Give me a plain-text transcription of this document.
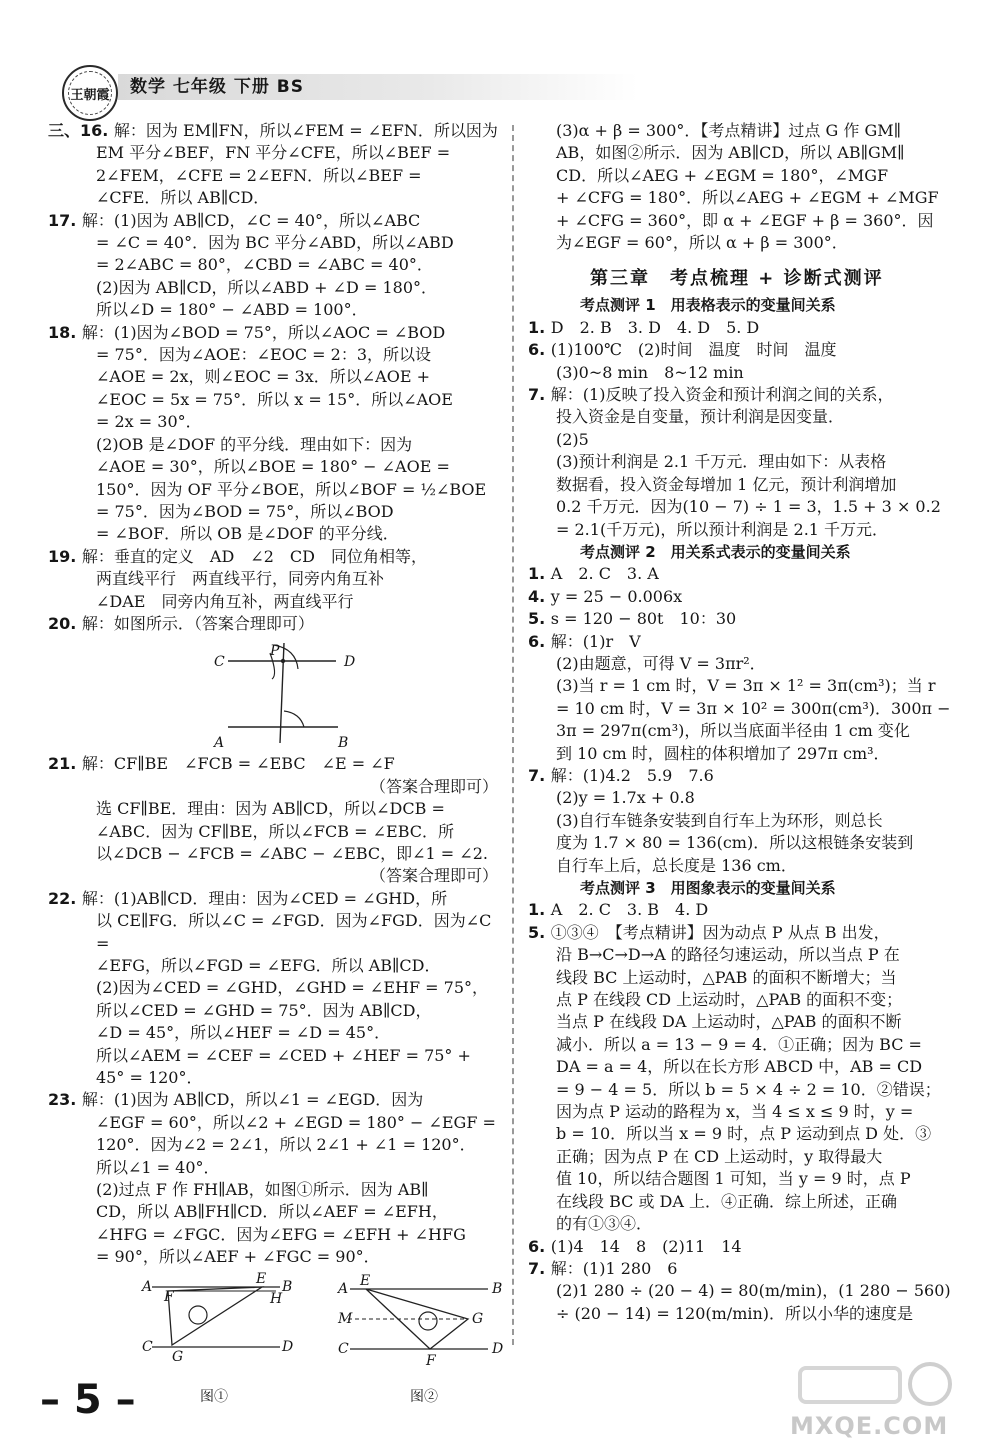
王朝霞 数学 七年级 下册 BS

三、16. 解：因为 EM∥FN，所以∠FEM = ∠EFN．所以因为

EM 平分∠BEF，FN 平分∠CFE，所以∠BEF =

2∠FEM，∠CFE = 2∠EFN．所以∠BEF =

∠CFE．所以 AB∥CD．

17. 解：(1)因为 AB∥CD，∠C = 40°，所以∠ABC

= ∠C = 40°．因为 BC 平分∠ABD，所以∠ABD

= 2∠ABC = 80°，∠CBD = ∠ABC = 40°．

(2)因为 AB∥CD，所以∠ABD + ∠D = 180°．

所以∠D = 180° − ∠ABD = 100°．

18. 解：(1)因为∠BOD = 75°，所以∠AOC = ∠BOD

= 75°．因为∠AOE：∠EOC = 2：3，所以设

∠AOE = 2x，则∠EOC = 3x．所以∠AOE +

∠EOC = 5x = 75°．所以 x = 15°．所以∠AOE

= 2x = 30°．

(2)OB 是∠DOF 的平分线．理由如下：因为

∠AOE = 30°，所以∠BOE = 180° − ∠AOE =

150°．因为 OF 平分∠BOE，所以∠BOF = ½∠BOE

= 75°．因为∠BOD = 75°，所以∠BOD

= ∠BOF．所以 OB 是∠DOF 的平分线．

19. 解：垂直的定义　AD　∠2　CD　同位角相等，

两直线平行　两直线平行，同旁内角互补

∠DAE　同旁内角互补，两直线平行

20. 解：如图所示．（答案合理即可）

P
C	D
A	B

21. 解：CF∥BE　∠FCB = ∠EBC　∠E = ∠F

（答案合理即可）

选 CF∥BE．理由：因为 AB∥CD，所以∠DCB =

∠ABC．因为 CF∥BE，所以∠FCB = ∠EBC．所

以∠DCB − ∠FCB = ∠ABC − ∠EBC，即∠1 = ∠2.

（答案合理即可）

22. 解：(1)AB∥CD．理由：因为∠CED = ∠GHD，所

以 CE∥FG．所以∠C = ∠FGD．因为∠FGD．因为∠C =

∠EFG，所以∠FGD = ∠EFG．所以 AB∥CD．

(2)因为∠CED = ∠GHD，∠GHD = ∠EHF = 75°，

所以∠CED = ∠GHD = 75°．因为 AB∥CD，

∠D = 45°，所以∠HEF = ∠D = 45°．

所以∠AEM = ∠CEF = ∠CED + ∠HEF = 75° +

45° = 120°．

23. 解：(1)因为 AB∥CD，所以∠1 = ∠EGD．因为

∠EGF = 60°，所以∠2 + ∠EGD = 180° − ∠EGF =

120°．因为∠2 = 2∠1，所以 2∠1 + ∠1 = 120°．

所以∠1 = 40°．

(2)过点 F 作 FH∥AB，如图①所示．因为 AB∥

CD，所以 AB∥FH∥CD．所以∠AEF = ∠EFH，

∠HFG = ∠FGC．因为∠EFG = ∠EFH + ∠HFG

= 90°，所以∠AEF + ∠FGC = 90°．

A	E B
F	H
C
G
D
图①
E
A	B
M	G
C
F
D
图②

(3)α + β = 300°．【考点精讲】过点 G 作 GM∥

AB，如图②所示．因为 AB∥CD，所以 AB∥GM∥

CD．所以∠AEG + ∠EGM = 180°，∠MGF

+ ∠CFG = 180°．所以∠AEG + ∠EGM + ∠MGF

+ ∠CFG = 360°，即 α + ∠EGF + β = 360°．因

为∠EGF = 60°，所以 α + β = 300°．

第三章　考点梳理 + 诊断式测评
考点测评 1　用表格表示的变量间关系

1. D　2. B　3. D　4. D　5. D

6. (1)100℃　(2)时间　温度　时间　温度

(3)0~8 min　8~12 min

7. 解：(1)反映了投入资金和预计利润之间的关系，

投入资金是自变量，预计利润是因变量．

(2)5

(3)预计利润是 2.1 千万元．理由如下：从表格

数据看，投入资金每增加 1 亿元，预计利润增加

0.2 千万元．因为(10 − 7) ÷ 1 = 3，1.5 + 3 × 0.2

= 2.1(千万元)，所以预计利润是 2.1 千万元．

考点测评 2　用关系式表示的变量间关系

1. A　2. C　3. A

4. y = 25 − 0.006x

5. s = 120 − 80t　10：30

6. 解：(1)r　V

(2)由题意，可得 V = 3πr²．

(3)当 r = 1 cm 时，V = 3π × 1² = 3π(cm³)；当 r

= 10 cm 时，V = 3π × 10² = 300π(cm³)．300π −

3π = 297π(cm³)，所以当底面半径由 1 cm 变化

到 10 cm 时，圆柱的体积增加了 297π cm³．

7. 解：(1)4.2　5.9　7.6

(2)y = 1.7x + 0.8

(3)自行车链条安装到自行车上为环形，则总长

度为 1.7 × 80 = 136(cm)．所以这根链条安装到

自行车上后，总长度是 136 cm．

考点测评 3　用图象表示的变量间关系

1. A　2. C　3. B　4. D

5. ①③④　【考点精讲】因为动点 P 从点 B 出发，

沿 B→C→D→A 的路径匀速运动，所以当点 P 在

线段 BC 上运动时，△PAB 的面积不断增大；当

点 P 在线段 CD 上运动时，△PAB 的面积不变；

当点 P 在线段 DA 上运动时，△PAB 的面积不断

减小．所以 a = 13 − 9 = 4．①正确；因为 BC =

DA = a = 4，所以在长方形 ABCD 中，AB = CD

= 9 − 4 = 5．所以 b = 5 × 4 ÷ 2 = 10．②错误；

因为点 P 运动的路程为 x，当 4 ≤ x ≤ 9 时，y =

b = 10．所以当 x = 9 时，点 P 运动到点 D 处．③

正确；因为点 P 在 CD 上运动时，y 取得最大

值 10，所以结合题图 1 可知，当 y = 9 时，点 P

在线段 BC 或 DA 上．④正确．综上所述，正确

的有①③④．

6. (1)4　14　8　(2)11　14

7. 解：(1)1 280　6

(2)1 280 ÷ (20 − 4) = 80(m/min)，(1 280 − 560)

÷ (20 − 14) = 120(m/min)．所以小华的速度是

– 5 –
MXQE.COM
